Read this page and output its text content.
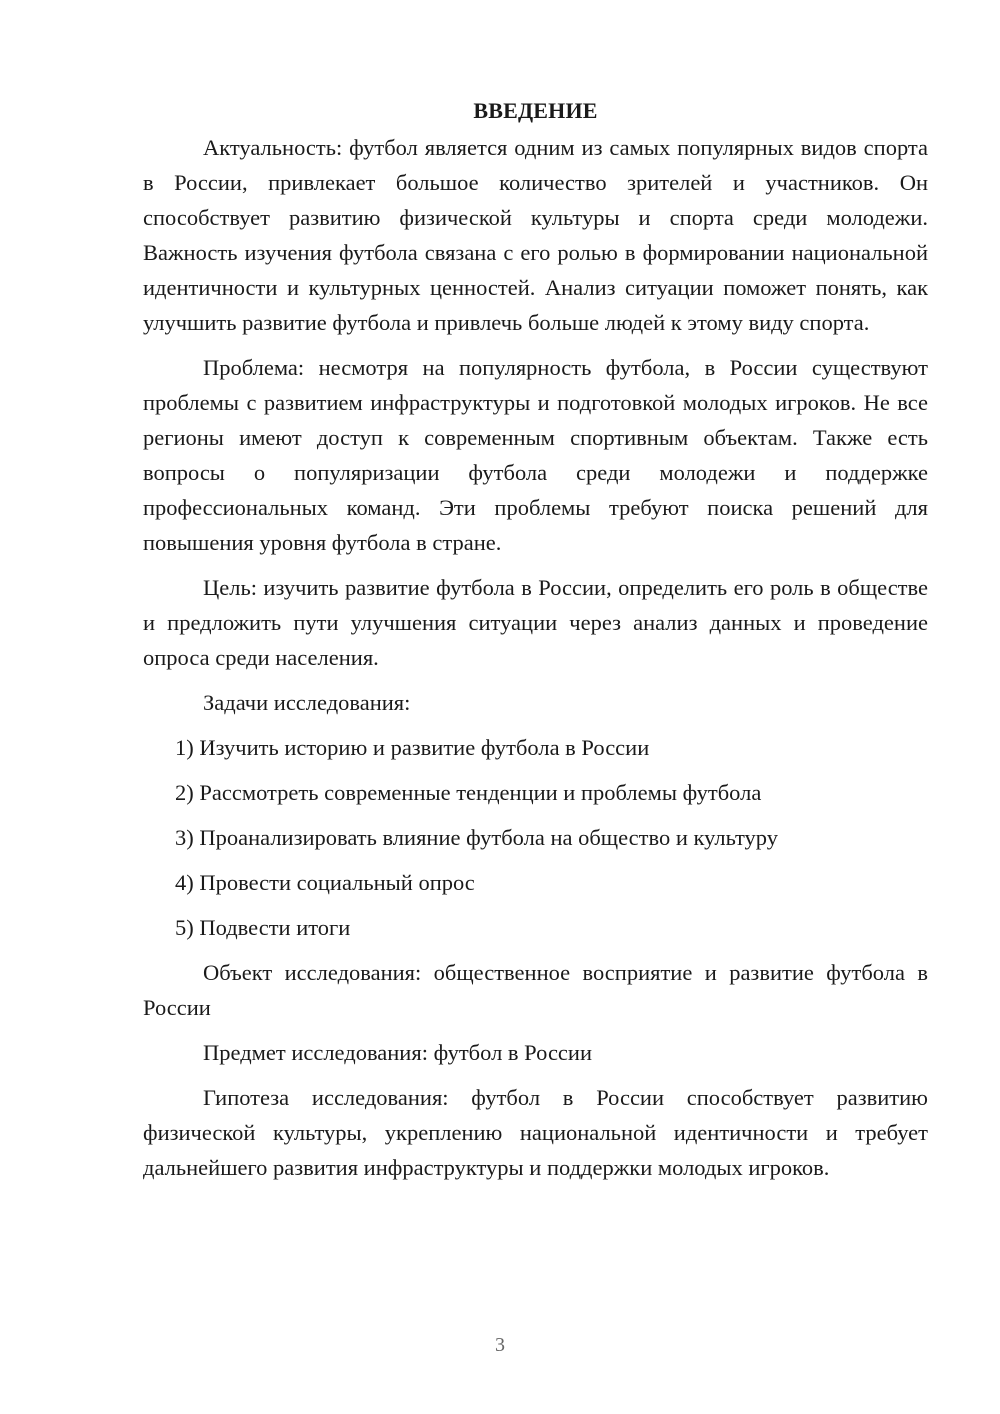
ВВЕДЕНИЕ

Актуальность: футбол является одним из самых популярных видов спорта в России, привлекает большое количество зрителей и участников. Он способствует развитию физической культуры и спорта среди молодежи. Важность изучения футбола связана с его ролью в формировании национальной идентичности и культурных ценностей. Анализ ситуации поможет понять, как улучшить развитие футбола и привлечь больше людей к этому виду спорта.

Проблема: несмотря на популярность футбола, в России существуют проблемы с развитием инфраструктуры и подготовкой молодых игроков. Не все регионы имеют доступ к современным спортивным объектам. Также есть вопросы о популяризации футбола среди молодежи и поддержке профессиональных команд. Эти проблемы требуют поиска решений для повышения уровня футбола в стране.

Цель: изучить развитие футбола в России, определить его роль в обществе и предложить пути улучшения ситуации через анализ данных и проведение опроса среди населения.

Задачи исследования:

1) Изучить историю и развитие футбола в России
2) Рассмотреть современные тенденции и проблемы футбола
3) Проанализировать влияние футбола на общество и культуру
4) Провести социальный опрос
5) Подвести итоги

Объект исследования: общественное восприятие и развитие футбола в России

Предмет исследования: футбол в России

Гипотеза исследования: футбол в России способствует развитию физической культуры, укреплению национальной идентичности и требует дальнейшего развития инфраструктуры и поддержки молодых игроков.

3
